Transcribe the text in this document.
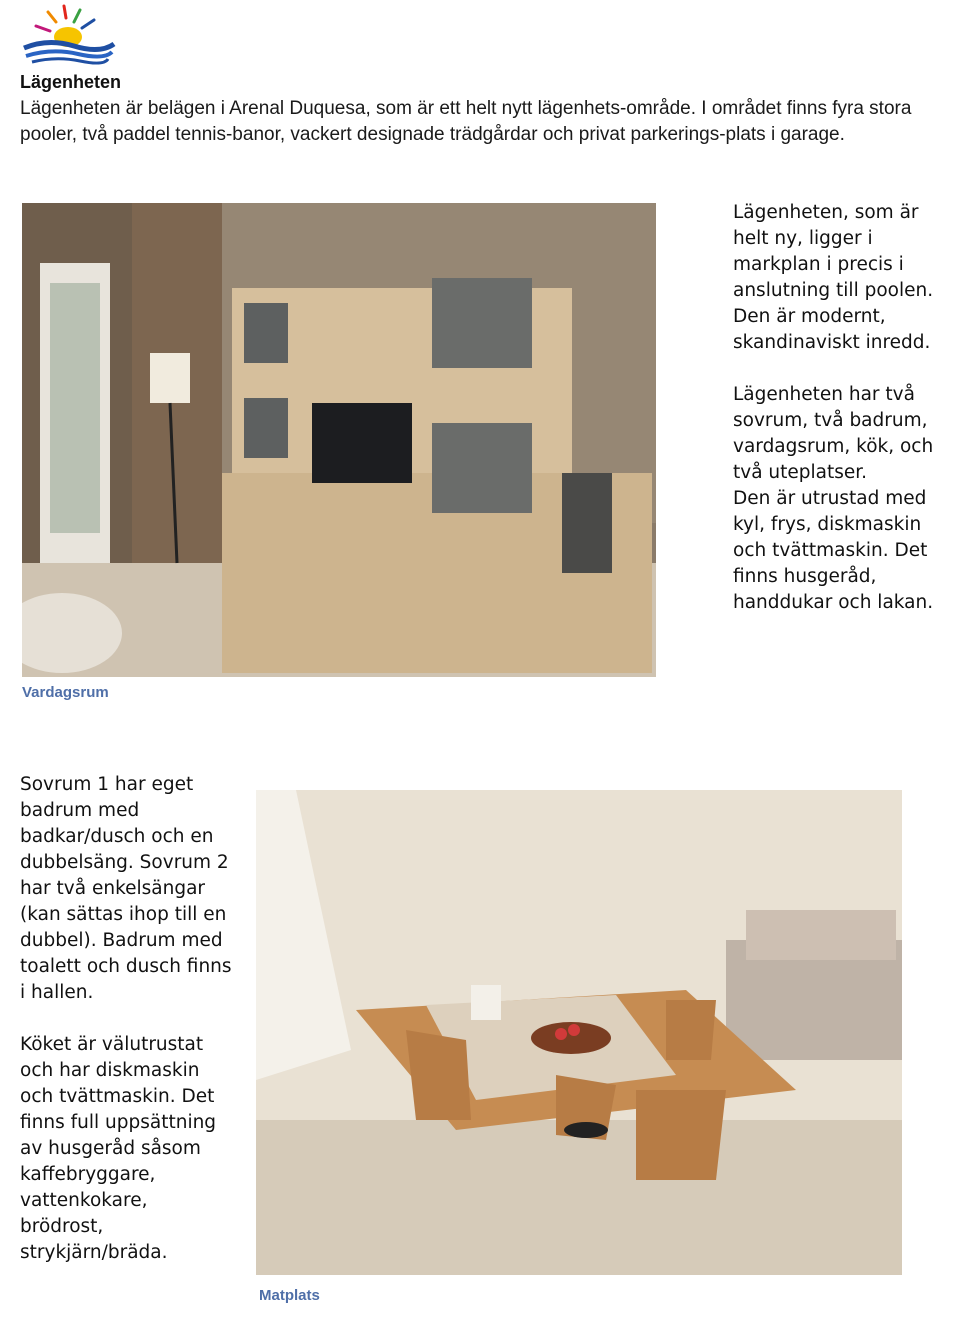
Lägenheten
Lägenheten är belägen i Arenal Duquesa, som är ett helt nytt lägenhets-område. I området finns fyra stora pooler, två paddel tennis-banor, vackert designade trädgårdar och privat parkerings-plats i garage.
Vardagsrum

Lägenheten, som är helt ny, ligger i markplan i precis i anslutning till poolen.

Den är modernt, skandinaviskt inredd.

Lägenheten har två sovrum, två badrum, vardagsrum, kök, och två uteplatser.

Den är utrustad med kyl, frys, diskmaskin och tvättmaskin. Det finns husgeråd, handdukar och lakan.

Sovrum 1 har eget badrum med badkar/dusch och en dubbelsäng. Sovrum 2 har två enkelsängar (kan sättas ihop till en dubbel). Badrum med toalett och dusch finns i hallen.

Köket är välutrustat och har diskmaskin och tvättmaskin. Det finns full uppsättning av husgeråd såsom kaffebryggare, vattenkokare, brödrost, strykjärn/bräda.

Matplats
